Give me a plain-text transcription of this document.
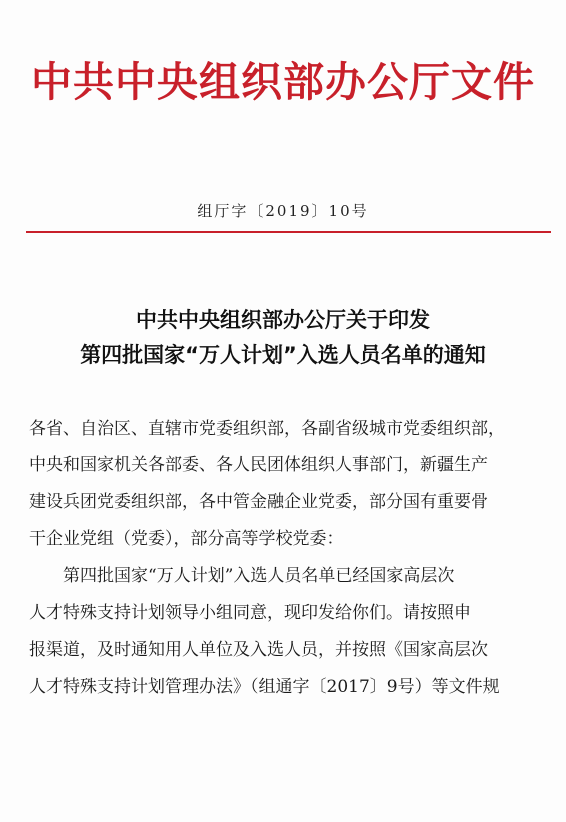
中共中央组织部办公厅文件
组厅字〔2019〕10号
中共中央组织部办公厅关于印发
第四批国家“万人计划”入选人员名单的通知
各省、自治区、直辖市党委组织部，各副省级城市党委组织部，
中央和国家机关各部委、各人民团体组织人事部门，新疆生产
建设兵团党委组织部，各中管金融企业党委，部分国有重要骨
干企业党组（党委），部分高等学校党委：
第四批国家“万人计划”入选人员名单已经国家高层次
人才特殊支持计划领导小组同意，现印发给你们。请按照申
报渠道，及时通知用人单位及入选人员，并按照《国家高层次
人才特殊支持计划管理办法》（组通字〔2017〕9号）等文件规
